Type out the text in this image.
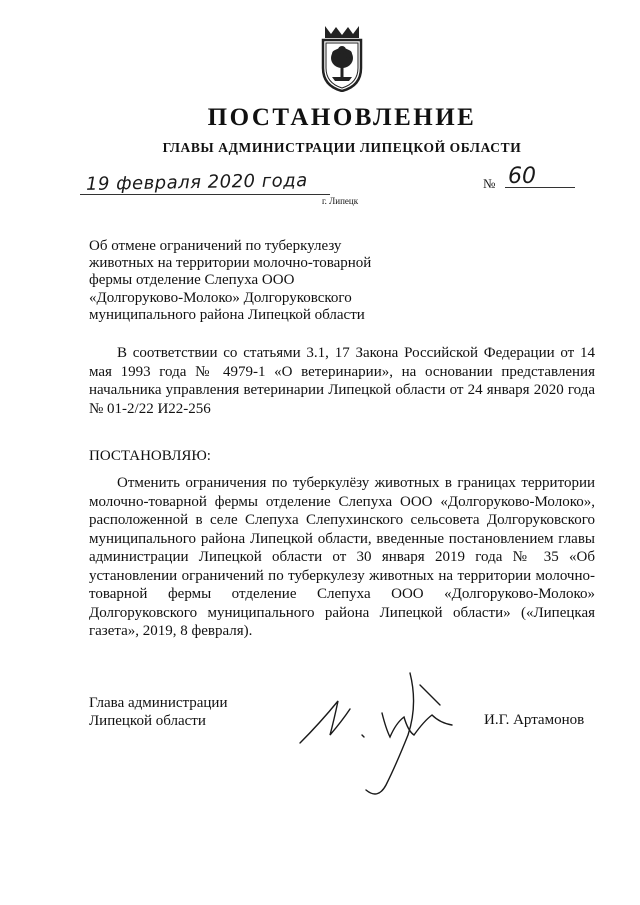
ПОСТАНОВЛЕНИЕ
ГЛАВЫ АДМИНИСТРАЦИИ ЛИПЕЦКОЙ ОБЛАСТИ
19 февраля 2020 года
г. Липецк
№ 60
Об отмене ограничений по туберкулезу
животных на территории молочно-товарной
фермы отделение Слепуха ООО
«Долгоруково-Молоко» Долгоруковского
муниципального района Липецкой области
В соответствии со статьями 3.1, 17 Закона Российской Федерации от 14 мая 1993 года № 4979-1 «О ветеринарии», на основании представления начальника управления ветеринарии Липецкой области от 24 января 2020 года № 01-2/22 И22-256
ПОСТАНОВЛЯЮ:
Отменить ограничения по туберкулёзу животных в границах территории молочно-товарной фермы отделение Слепуха ООО «Долгоруково-Молоко», расположенной в селе Слепуха Слепухинского сельсовета Долгоруковского муниципального района Липецкой области, введенные постановлением главы администрации Липецкой области от 30 января 2019 года № 35 «Об установлении ограничений по туберкулезу животных на территории молочно-товарной фермы отделение Слепуха ООО «Долгоруково-Молоко» Долгоруковского муниципального района Липецкой области» («Липецкая газета», 2019, 8 февраля).
Глава администрации
Липецкой области	И.Г. Артамонов
